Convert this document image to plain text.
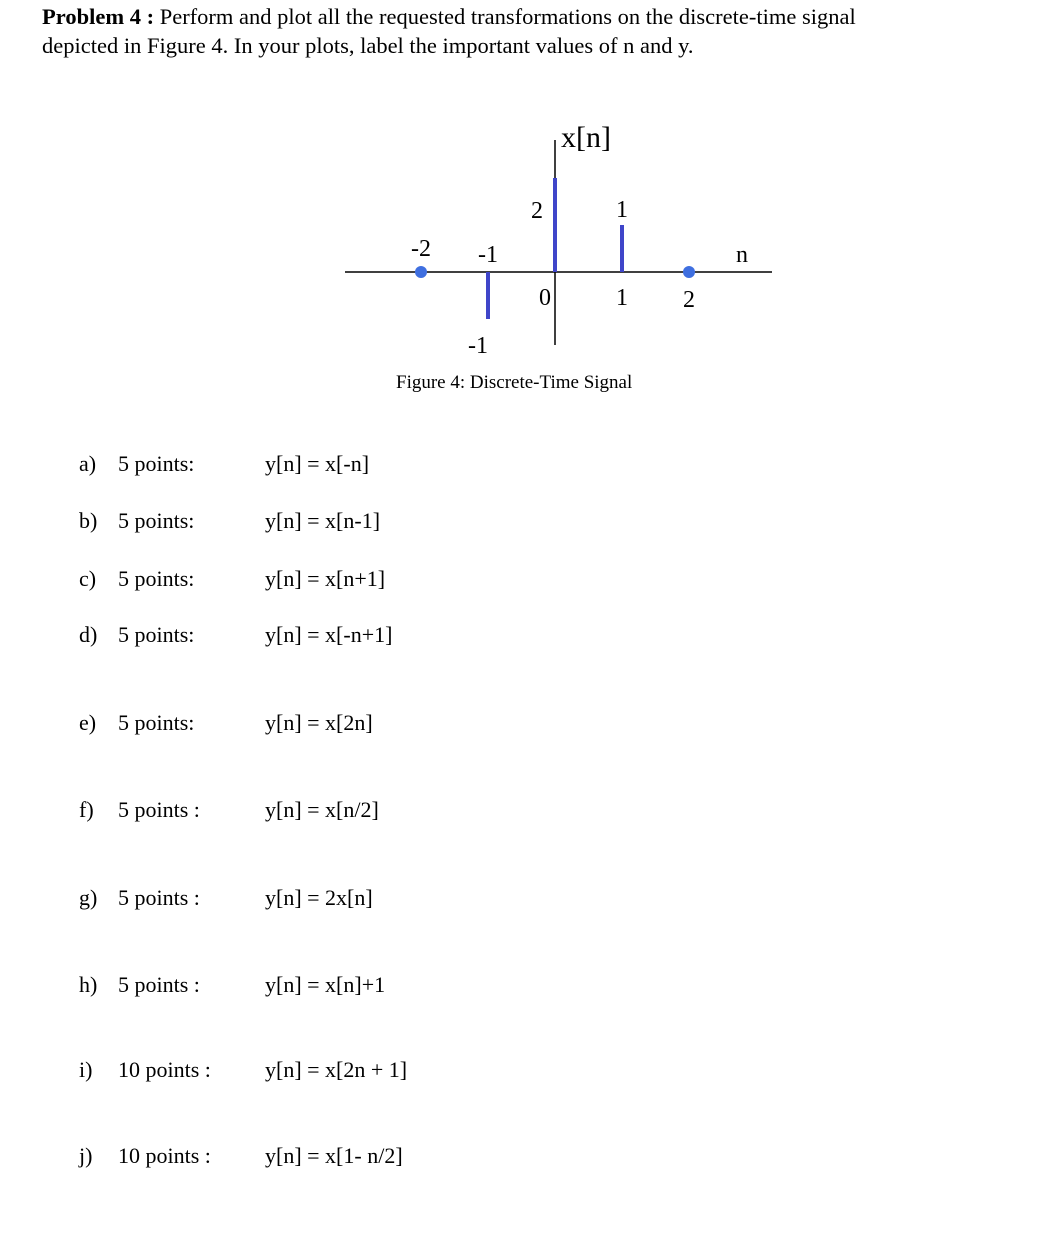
Problem 4 : Perform and plot all the requested transformations on the discrete-time signal
depicted in Figure 4. In your plots, label the important values of n and y.
x[n]
n
-2 -1
0	1 2
-1
2	1
Figure 4: Discrete-Time Signal
a) 5 points:	y[n] = x[-n]
b) 5 points:	y[n] = x[n-1]
c) 5 points:	y[n] = x[n+1]
d) 5 points:	y[n] = x[-n+1]
e) 5 points:	y[n] = x[2n]
f) 5 points :	y[n] = x[n/2]
g) 5 points :	y[n] = 2x[n]
h) 5 points :	y[n] = x[n]+1
i) 10 points : y[n] = x[2n + 1]
j) 10 points : y[n] = x[1- n/2]
